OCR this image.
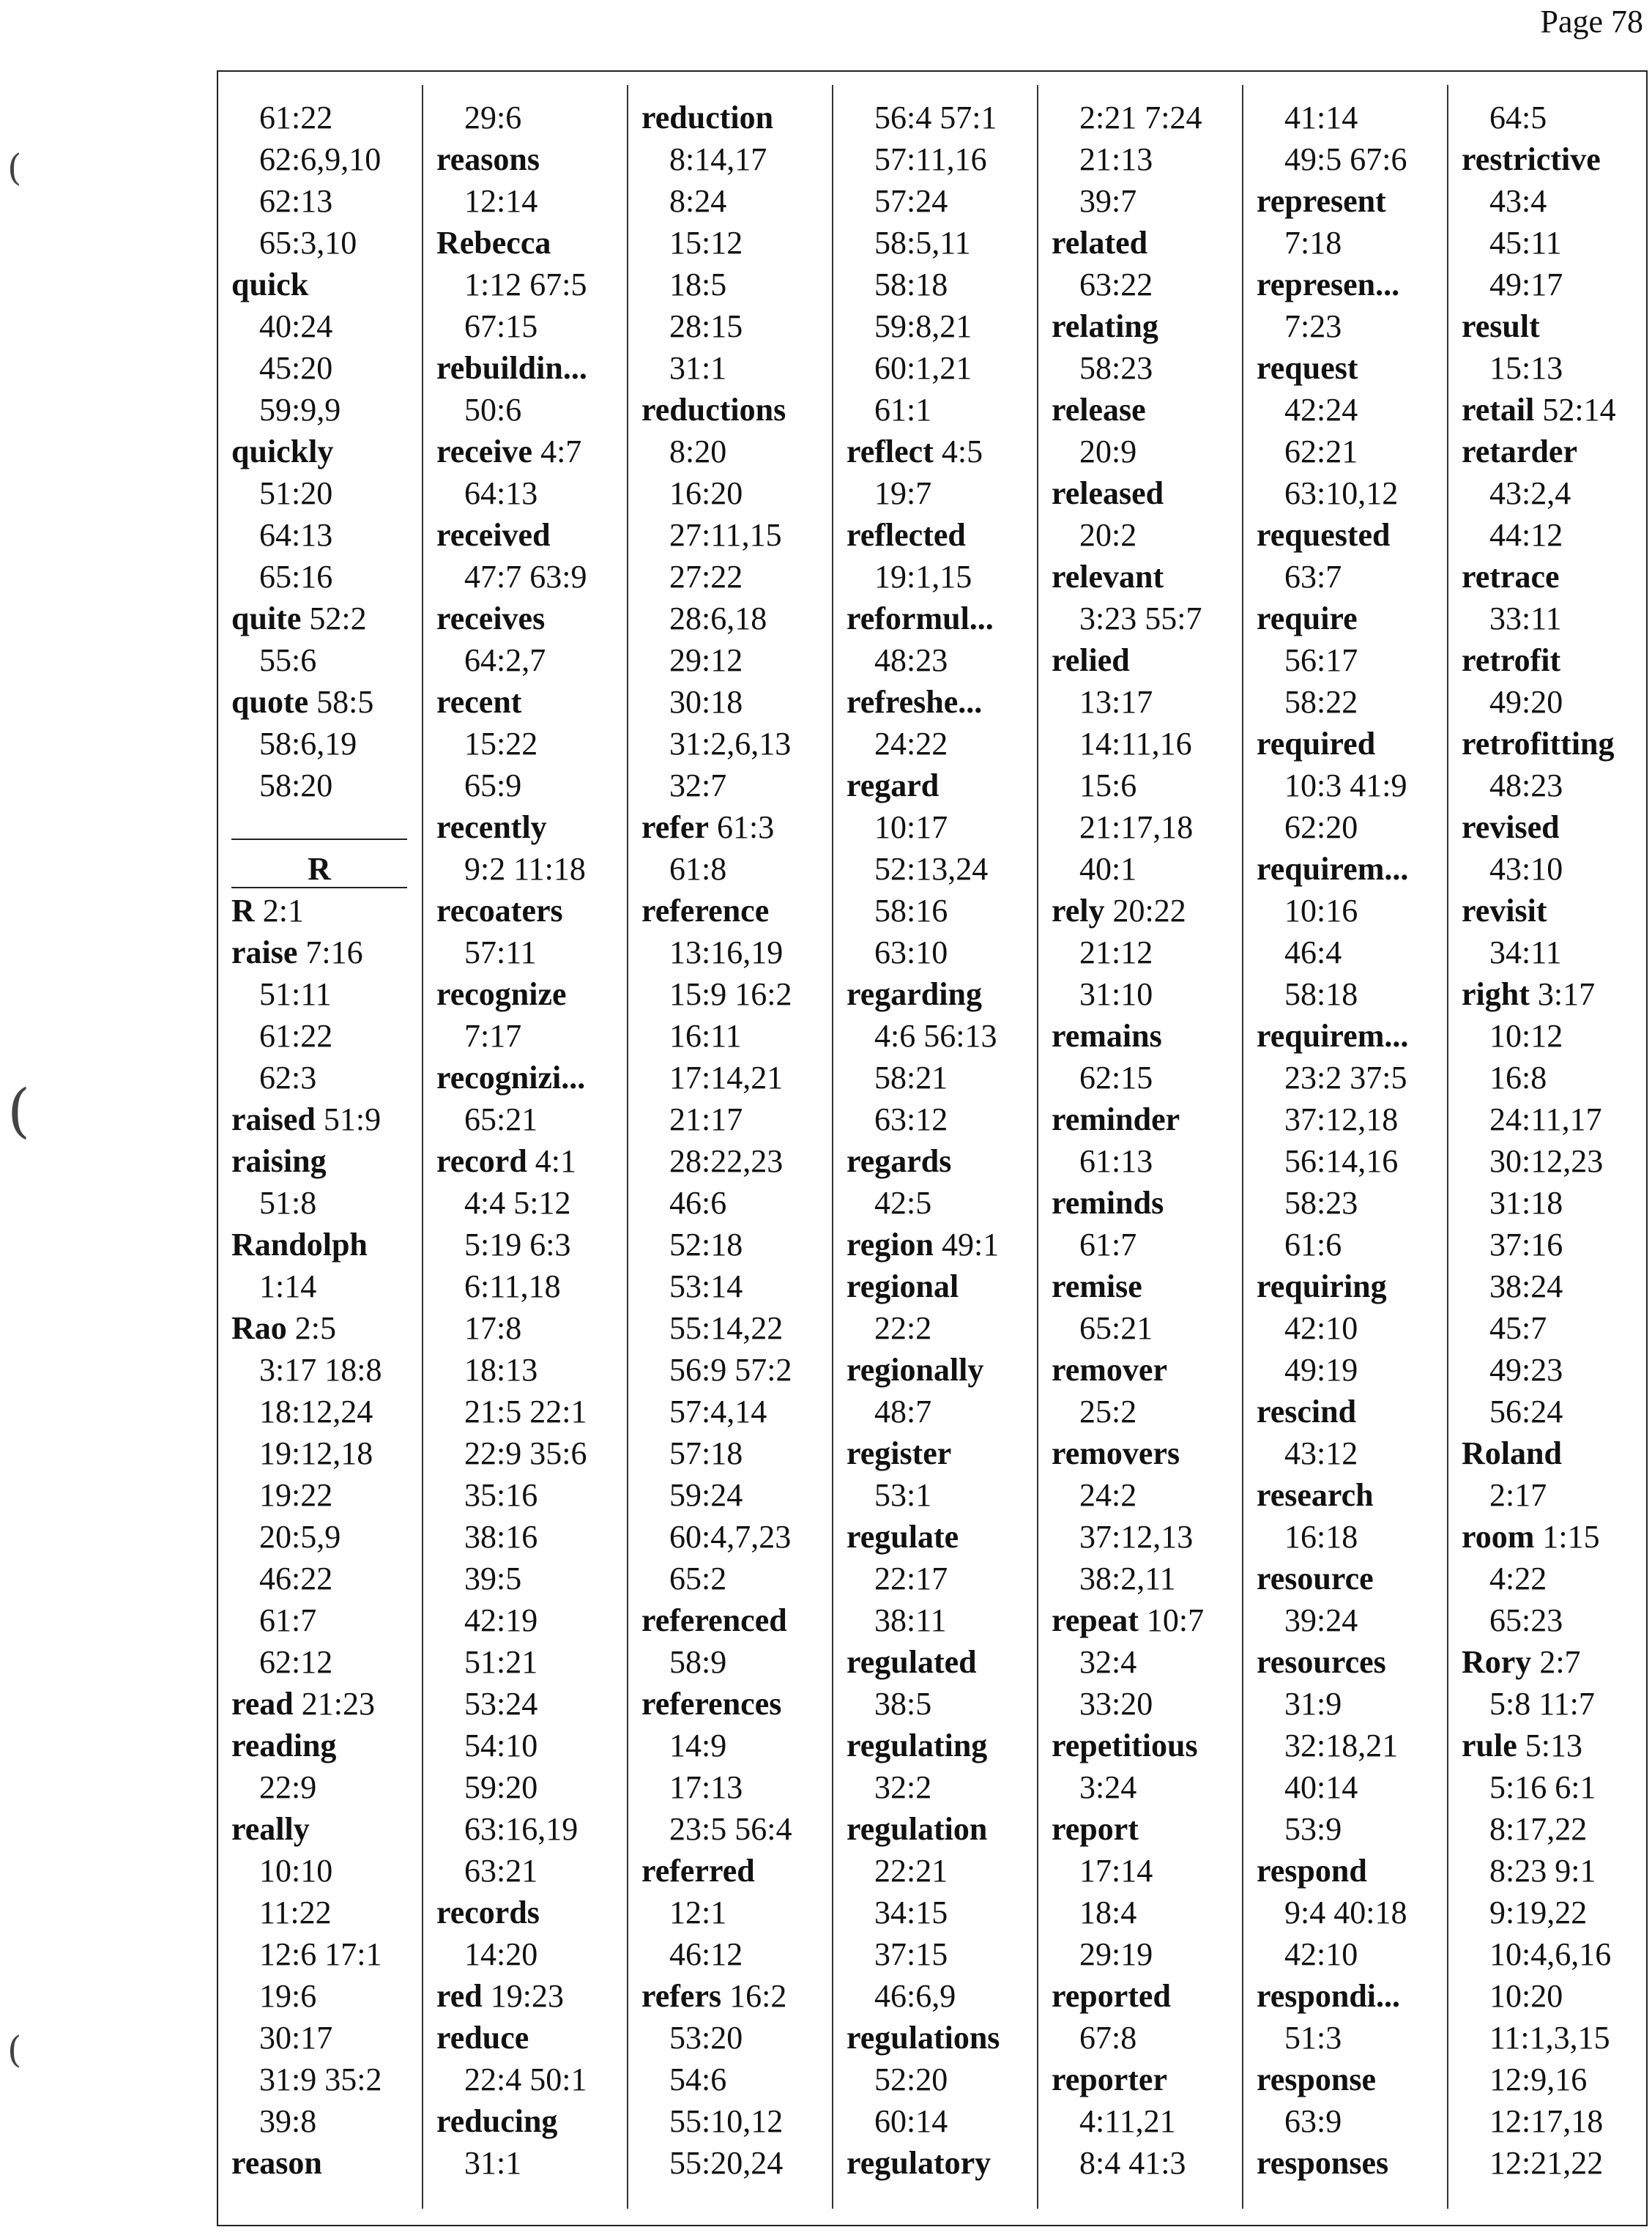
Page 78
(
(
(
61:22
62:6,9,10
62:13
65:3,10
quick
40:24
45:20
59:9,9
quickly
51:20
64:13
65:16
quite 52:2
55:6
quote 58:5
58:6,19
58:20
R 2:1
raise 7:16
51:11
61:22
62:3
raised 51:9
raising
51:8
Randolph
1:14
Rao 2:5
3:17 18:8
18:12,24
19:12,18
19:22
20:5,9
46:22
61:7
62:12
read 21:23
reading
22:9
really
10:10
11:22
12:6 17:1
19:6
30:17
31:9 35:2
39:8
reason
29:6
reasons
12:14
Rebecca
1:12 67:5
67:15
rebuildin...
50:6
receive 4:7
64:13
received
47:7 63:9
receives
64:2,7
recent
15:22
65:9
recently
9:2 11:18
recoaters
57:11
recognize
7:17
recognizi...
65:21
record 4:1
4:4 5:12
5:19 6:3
6:11,18
17:8
18:13
21:5 22:1
22:9 35:6
35:16
38:16
39:5
42:19
51:21
53:24
54:10
59:20
63:16,19
63:21
records
14:20
red 19:23
reduce
22:4 50:1
reducing
31:1
reduction
8:14,17
8:24
15:12
18:5
28:15
31:1
reductions
8:20
16:20
27:11,15
27:22
28:6,18
29:12
30:18
31:2,6,13
32:7
refer 61:3
61:8
reference
13:16,19
15:9 16:2
16:11
17:14,21
21:17
28:22,23
46:6
52:18
53:14
55:14,22
56:9 57:2
57:4,14
57:18
59:24
60:4,7,23
65:2
referenced
58:9
references
14:9
17:13
23:5 56:4
referred
12:1
46:12
refers 16:2
53:20
54:6
55:10,12
55:20,24
56:4 57:1
57:11,16
57:24
58:5,11
58:18
59:8,21
60:1,21
61:1
reflect 4:5
19:7
reflected
19:1,15
reformul...
48:23
refreshe...
24:22
regard
10:17
52:13,24
58:16
63:10
regarding
4:6 56:13
58:21
63:12
regards
42:5
region 49:1
regional
22:2
regionally
48:7
register
53:1
regulate
22:17
38:11
regulated
38:5
regulating
32:2
regulation
22:21
34:15
37:15
46:6,9
regulations
52:20
60:14
regulatory
2:21 7:24
21:13
39:7
related
63:22
relating
58:23
release
20:9
released
20:2
relevant
3:23 55:7
relied
13:17
14:11,16
15:6
21:17,18
40:1
rely 20:22
21:12
31:10
remains
62:15
reminder
61:13
reminds
61:7
remise
65:21
remover
25:2
removers
24:2
37:12,13
38:2,11
repeat 10:7
32:4
33:20
repetitious
3:24
report
17:14
18:4
29:19
reported
67:8
reporter
4:11,21
8:4 41:3
41:14
49:5 67:6
represent
7:18
represen...
7:23
request
42:24
62:21
63:10,12
requested
63:7
require
56:17
58:22
required
10:3 41:9
62:20
requirem...
10:16
46:4
58:18
requirem...
23:2 37:5
37:12,18
56:14,16
58:23
61:6
requiring
42:10
49:19
rescind
43:12
research
16:18
resource
39:24
resources
31:9
32:18,21
40:14
53:9
respond
9:4 40:18
42:10
respondi...
51:3
response
63:9
responses
64:5
restrictive
43:4
45:11
49:17
result
15:13
retail 52:14
retarder
43:2,4
44:12
retrace
33:11
retrofit
49:20
retrofitting
48:23
revised
43:10
revisit
34:11
right 3:17
10:12
16:8
24:11,17
30:12,23
31:18
37:16
38:24
45:7
49:23
56:24
Roland
2:17
room 1:15
4:22
65:23
Rory 2:7
5:8 11:7
rule 5:13
5:16 6:1
8:17,22
8:23 9:1
9:19,22
10:4,6,16
10:20
11:1,3,15
12:9,16
12:17,18
12:21,22
R
